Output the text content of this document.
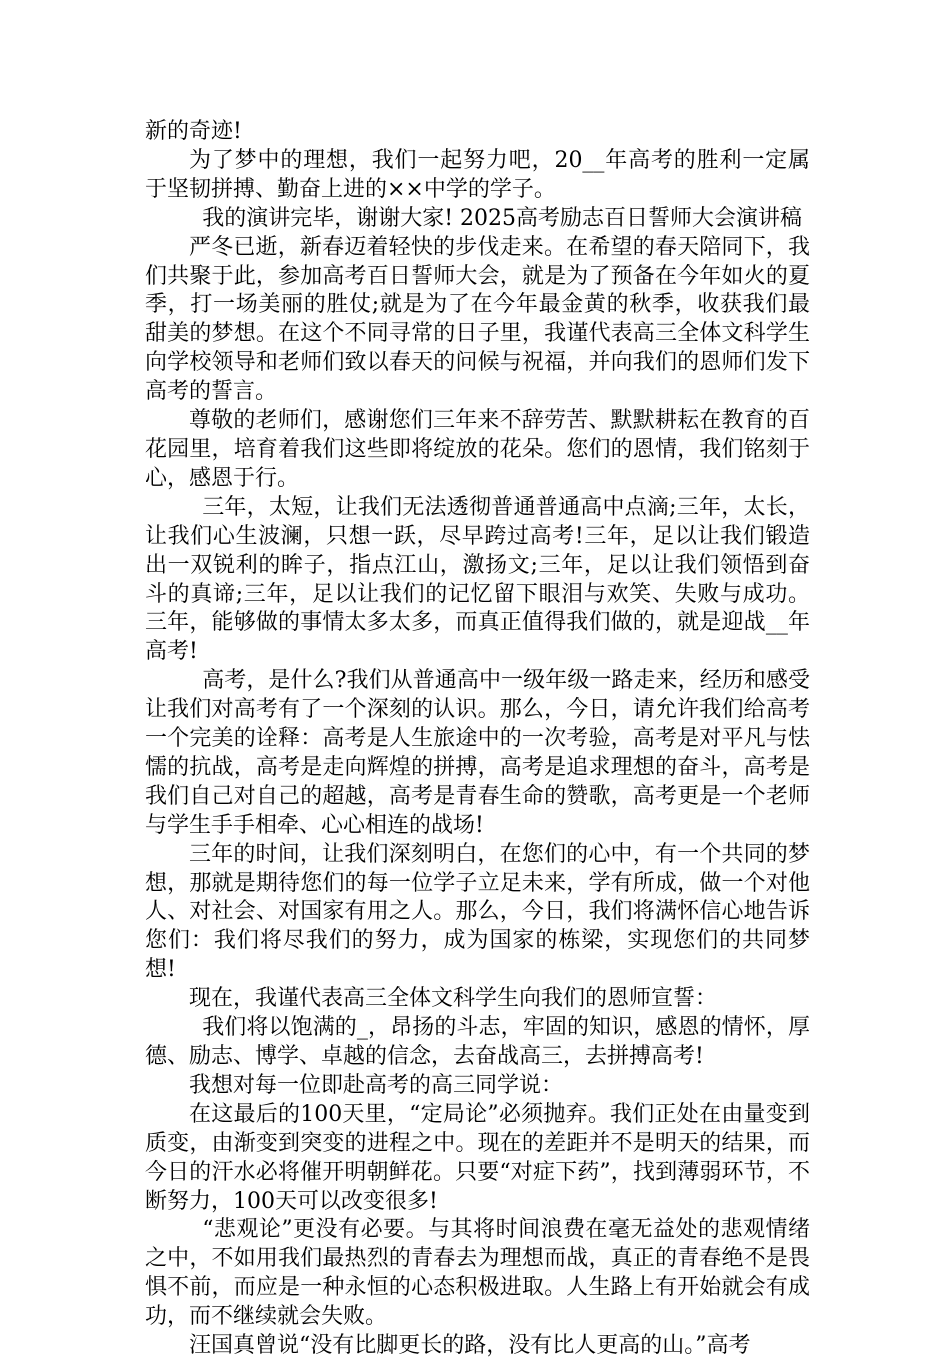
新的奇迹!

为了梦中的理想，我们一起努力吧，20__年高考的胜利一定属于坚韧拼搏、勤奋上进的××中学的学子。

我的演讲完毕，谢谢大家! 2025高考励志百日誓师大会演讲稿

严冬已逝，新春迈着轻快的步伐走来。在希望的春天陪同下，我们共聚于此，参加高考百日誓师大会，就是为了预备在今年如火的夏季，打一场美丽的胜仗;就是为了在今年最金黄的秋季，收获我们最甜美的梦想。在这个不同寻常的日子里，我谨代表高三全体文科学生向学校领导和老师们致以春天的问候与祝福，并向我们的恩师们发下高考的誓言。

尊敬的老师们，感谢您们三年来不辞劳苦、默默耕耘在教育的百花园里，培育着我们这些即将绽放的花朵。您们的恩情，我们铭刻于心，感恩于行。

三年，太短，让我们无法透彻普通普通高中点滴;三年，太长，让我们心生波澜，只想一跃，尽早跨过高考!三年，足以让我们锻造出一双锐利的眸子，指点江山，激扬文;三年，足以让我们领悟到奋斗的真谛;三年，足以让我们的记忆留下眼泪与欢笑、失败与成功。三年，能够做的事情太多太多，而真正值得我们做的，就是迎战__年高考!

高考，是什么?我们从普通高中一级年级一路走来，经历和感受让我们对高考有了一个深刻的认识。那么，今日，请允许我们给高考一个完美的诠释：高考是人生旅途中的一次考验，高考是对平凡与怯懦的抗战，高考是走向辉煌的拼搏，高考是追求理想的奋斗，高考是我们自己对自己的超越，高考是青春生命的赞歌，高考更是一个老师与学生手手相牵、心心相连的战场!

三年的时间，让我们深刻明白，在您们的心中，有一个共同的梦想，那就是期待您们的每一位学子立足未来，学有所成，做一个对他人、对社会、对国家有用之人。那么，今日，我们将满怀信心地告诉您们：我们将尽我们的努力，成为国家的栋梁，实现您们的共同梦想!

现在，我谨代表高三全体文科学生向我们的恩师宣誓：

我们将以饱满的_，昂扬的斗志，牢固的知识，感恩的情怀，厚德、励志、博学、卓越的信念，去奋战高三，去拼搏高考!

我想对每一位即赴高考的高三同学说：

在这最后的100天里，“定局论”必须抛弃。我们正处在由量变到质变，由渐变到突变的进程之中。现在的差距并不是明天的结果，而今日的汗水必将催开明朝鲜花。只要“对症下药”，找到薄弱环节，不断努力，100天可以改变很多!

“悲观论”更没有必要。与其将时间浪费在毫无益处的悲观情绪之中，不如用我们最热烈的青春去为理想而战，真正的青春绝不是畏惧不前，而应是一种永恒的心态积极进取。人生路上有开始就会有成功，而不继续就会失败。

汪国真曾说“没有比脚更长的路，没有比人更高的山。”高考
